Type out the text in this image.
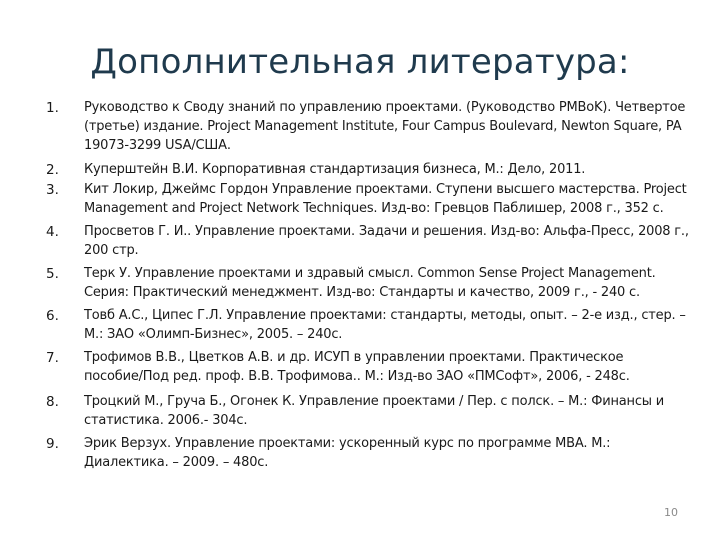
Дополнительная литература:
1. Руководство к Своду знаний по управлению проектами. (Руководство PMBoK). Четвертое
(третье) издание. Project Management Institute, Four Campus Boulevard, Newton Square, PA
19073-3299 USA/США.
2. Куперштейн В.И. Корпоративная стандартизация бизнеса, М.: Дело, 2011.
3. Кит Локир, Джеймс Гордон Управление проектами. Ступени высшего мастерства. Project
Management and Project Network Techniques. Изд-во: Гревцов Паблишер, 2008 г., 352 с.
4. Просветов Г. И.. Управление проектами. Задачи и решения. Изд-во: Альфа-Пресс, 2008 г.,
200 стр.
5. Терк У. Управление проектами и здравый смысл. Common Sense Project Management.
Серия: Практический менеджмент. Изд-во: Стандарты и качество, 2009 г., ‑ 240 с.
6. Товб А.С., Ципес Г.Л. Управление проектами: стандарты, методы, опыт. – 2-е изд., стер. –
М.: ЗАО «Олимп-Бизнес», 2005. – 240с.
7. Трофимов В.В., Цветков А.В. и др. ИСУП в управлении проектами. Практическое
пособие/Под ред. проф. В.В. Трофимова.. М.: Изд-во ЗАО «ПМСофт», 2006, ‑ 248с.
8. Троцкий М., Груча Б., Огонек К. Управление проектами / Пер. с полск. – М.: Финансы и
статистика. 2006.‑ 304с.
9. Эрик Верзух. Управление проектами: ускоренный курс по программе MBA. М.:
Диалектика. – 2009. – 480с.
10
